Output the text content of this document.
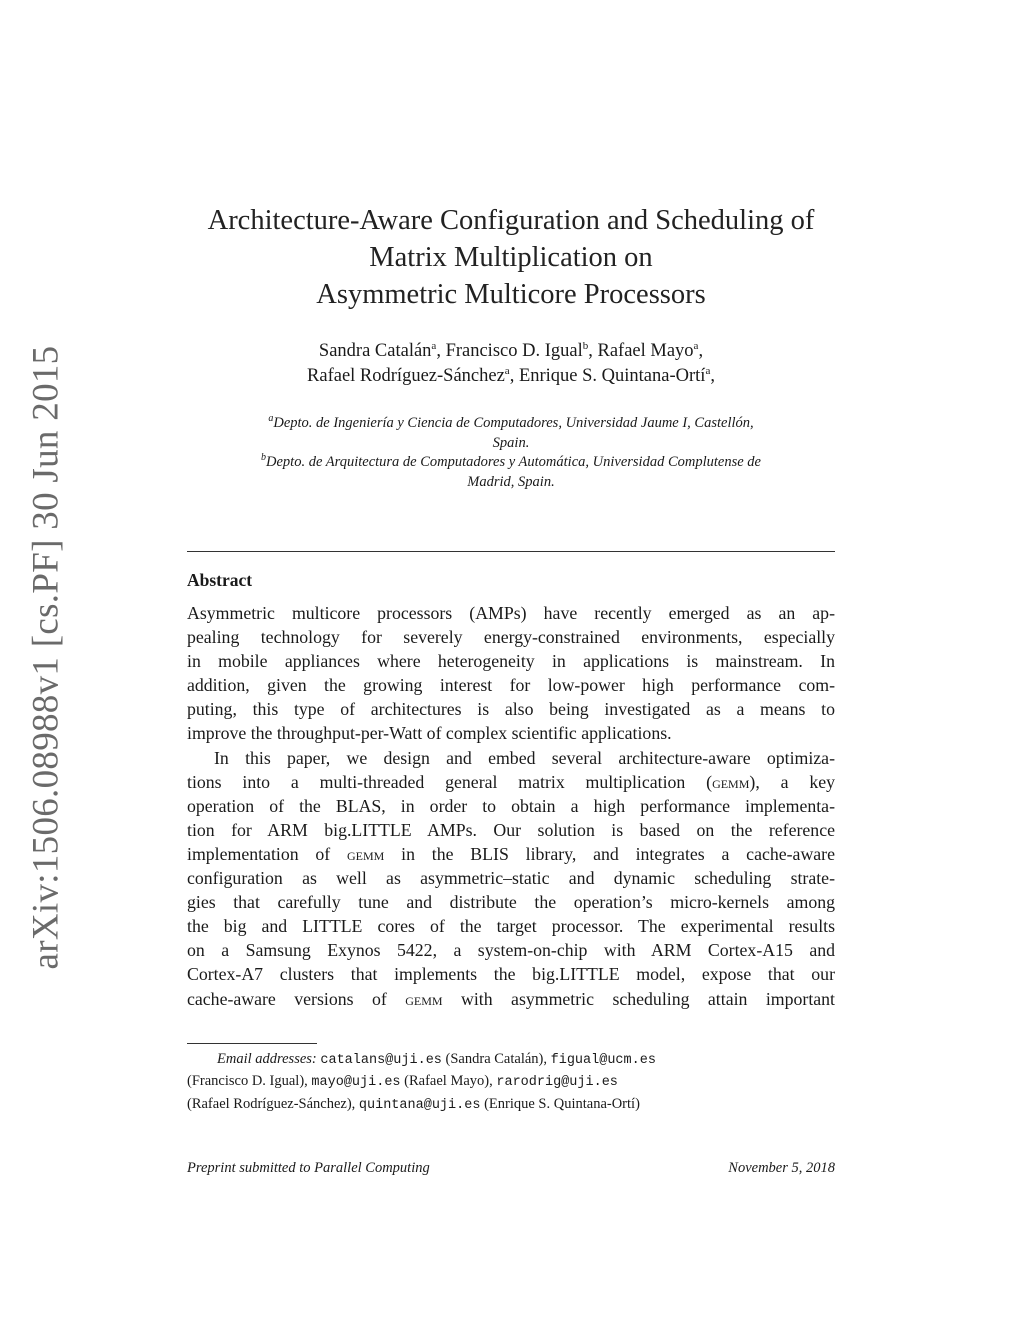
arXiv:1506.08988v1 [cs.PF] 30 Jun 2015
Architecture-Aware Configuration and Scheduling of
Matrix Multiplication on
Asymmetric Multicore Processors
Sandra Catalán$^a$, Francisco D. Igual$^b$, Rafael Mayo$^a$,
Rafael Rodríguez-Sánchez$^a$, Enrique S. Quintana-Ortí$^a$,
$^a$Depto. de Ingeniería y Ciencia de Computadores, Universidad Jaume I, Castellón,
Spain.
$^b$Depto. de Arquitectura de Computadores y Automática, Universidad Complutense de
Madrid, Spain.
Abstract
Asymmetric multicore processors (AMPs) have recently emerged as an ap-
pealing technology for severely energy-constrained environments, especially
in mobile appliances where heterogeneity in applications is mainstream. In
addition, given the growing interest for low-power high performance com-
puting, this type of architectures is also being investigated as a means to
improve the throughput-per-Watt of complex scientific applications.
In this paper, we design and embed several architecture-aware optimiza-
tions into a multi-threaded general matrix multiplication (gemm), a key
operation of the BLAS, in order to obtain a high performance implementa-
tion for ARM big.LITTLE AMPs. Our solution is based on the reference
implementation of gemm in the BLIS library, and integrates a cache-aware
configuration as well as asymmetric–static and dynamic scheduling strate-
gies that carefully tune and distribute the operation’s micro-kernels among
the big and LITTLE cores of the target processor. The experimental results
on a Samsung Exynos 5422, a system-on-chip with ARM Cortex-A15 and
Cortex-A7 clusters that implements the big.LITTLE model, expose that our
cache-aware versions of gemm with asymmetric scheduling attain important
Email addresses: catalans@uji.es (Sandra Catalán), figual@ucm.es
(Francisco D. Igual), mayo@uji.es (Rafael Mayo), rarodrig@uji.es
(Rafael Rodríguez-Sánchez), quintana@uji.es (Enrique S. Quintana-Ortí)
Preprint submitted to Parallel Computing	November 5, 2018
